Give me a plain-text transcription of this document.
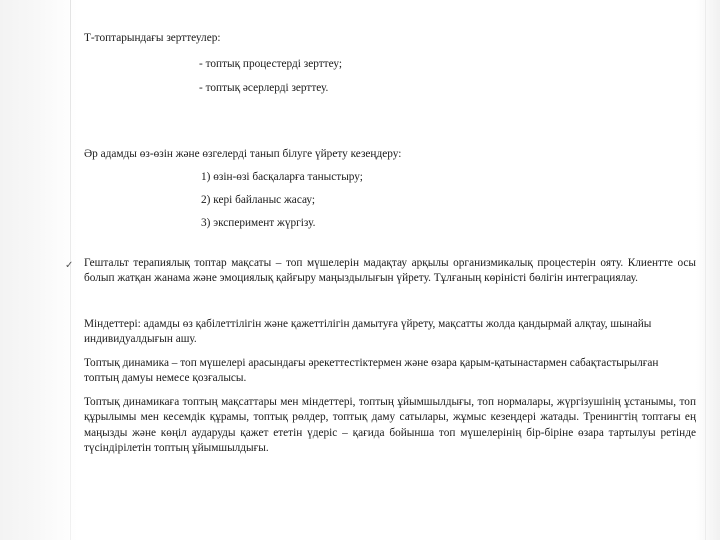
✓

Т-топтарындағы зерттеулер:

- топтық процестерді зерттеу;

- топтық әсерлерді зерттеу.

Әр адамды өз-өзін және өзгелерді танып білуге үйрету кезеңдеру:

1) өзін-өзі басқаларға таныстыру;

2) кері байланыс жасау;

3) эксперимент жүргізу.

Гештальт терапиялық топтар мақсаты – топ мүшелерін мадақтау арқылы организмикалық процестерін ояту. Клиентте осы болып жатқан жанама және эмоциялық қайғыру маңыздылығын үйрету. Тұлғаның көріністі бөлігін интеграциялау.

Міндеттері: адамды өз қабілеттілігін және қажеттілігін дамытуға үйрету, мақсатты жолда қандырмай алқтау, шынайы индивидуалдығын ашу.

Топтық динамика – топ мүшелері арасындағы әрекеттестіктермен және өзара қарым-қатынастармен сабақтастырылған топтың дамуы немесе қозғалысы.

Топтық динамикаға топтың мақсаттары мен міндеттері, топтың ұйымшылдығы, топ нормалары, жүргізушінің ұстанымы, топ құрылымы мен кесемдік құрамы, топтық рөлдер, топтық даму сатылары, жұмыс кезеңдері жатады. Тренингтің топтағы ең маңызды және көңіл аударуды қажет ететін үдеріс – қағида бойынша топ мүшелерінің бір-біріне өзара тартылуы ретінде түсіндірілетін топтың ұйымшылдығы.
